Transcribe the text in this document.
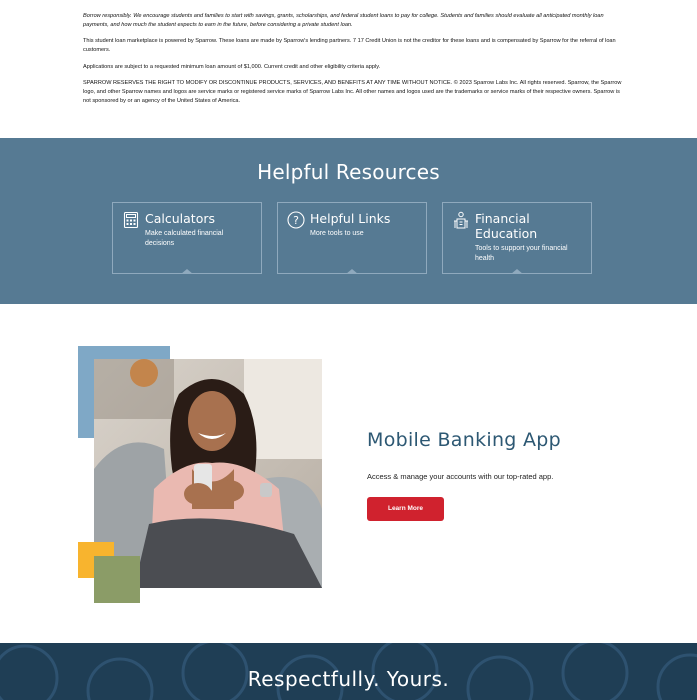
Borrow responsibly. We encourage students and families to start with savings, grants, scholarships, and federal student loans to pay for college. Students and families should evaluate all anticipated monthly loan payments, and how much the student expects to earn in the future, before considering a private student loan.

This student loan marketplace is powered by Sparrow. These loans are made by Sparrow's lending partners. 7 17 Credit Union is not the creditor for these loans and is compensated by Sparrow for the referral of loan customers.

Applications are subject to a requested minimum loan amount of $1,000. Current credit and other eligibility criteria apply.

SPARROW RESERVES THE RIGHT TO MODIFY OR DISCONTINUE PRODUCTS, SERVICES, AND BENEFITS AT ANY TIME WITHOUT NOTICE. © 2023 Sparrow Labs Inc. All rights reserved. Sparrow, the Sparrow logo, and other Sparrow names and logos are service marks or registered service marks of Sparrow Labs Inc. All other names and logos used are the trademarks or service marks of their respective owners. Sparrow is not sponsored by or an agency of the United States of America.

Helpful Resources
Calculators
Make calculated financial decisions
? Helpful Links
More tools to use
Financial Education
Tools to support your financial health
Mobile Banking App

Access & manage your accounts with our top-rated app.

Learn More
Respectfully. Yours.
